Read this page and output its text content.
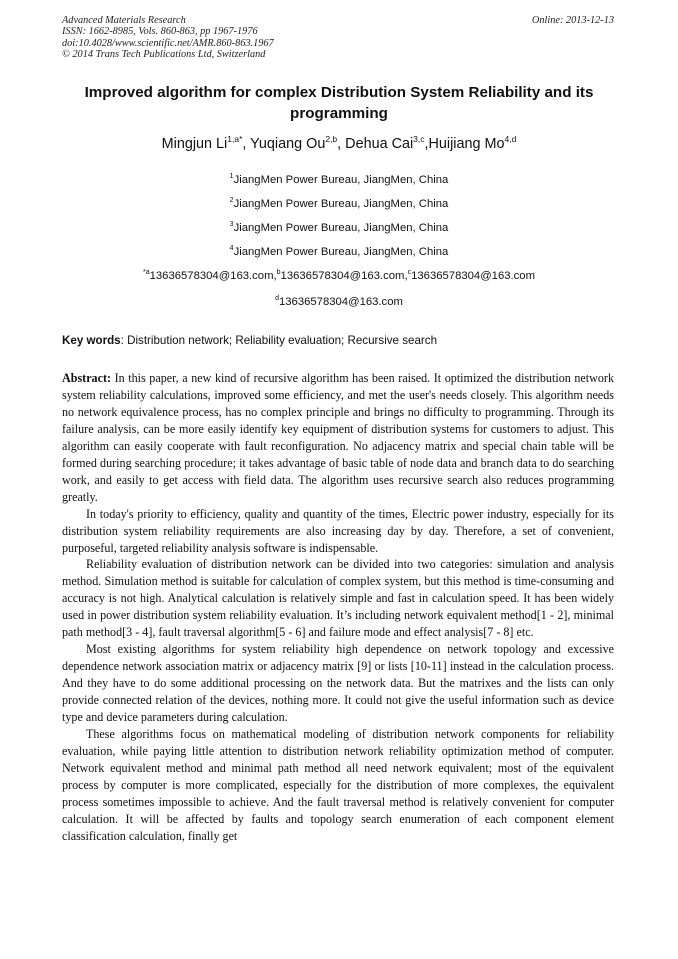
Online: 2013-12-13
Advanced Materials Research
ISSN: 1662-8985, Vols. 860-863, pp 1967-1976
doi:10.4028/www.scientific.net/AMR.860-863.1967
© 2014 Trans Tech Publications Ltd, Switzerland
Improved algorithm for complex Distribution System Reliability and its programming
Mingjun $Li^{1,a*}$, Yuqiang Ou$^{2,b}$, Dehua Cai$^{3,c}$,Huijiang Mo$^{4,d}$
$^1$JiangMen Power Bureau, JiangMen, China
$^2$JiangMen Power Bureau, JiangMen, China
$^3$JiangMen Power Bureau, JiangMen, China
$^4$JiangMen Power Bureau, JiangMen, China
$^{*a}$13636578304@163.com,$^b$13636578304@163.com,$^c$13636578304@163.com
$^d$13636578304@163.com
Key words: Distribution network; Reliability evaluation; Recursive search

Abstract: In this paper, a new kind of recursive algorithm has been raised. It optimized the distribution network system reliability calculations, improved some efficiency, and met the user's needs closely. This algorithm needs no network equivalence process, has no complex principle and brings no difficulty to programming. Through its failure analysis, can be more easily identify key equipment of distribution systems for customers to adjust. This algorithm can easily cooperate with fault reconfiguration. No adjacency matrix and special chain table will be formed during searching procedure; it takes advantage of basic table of node data and branch data to do searching work, and easily to get access with field data. The algorithm uses recursive search also reduces programming greatly.

In today's priority to efficiency, quality and quantity of the times, Electric power industry, especially for its distribution system reliability requirements are also increasing day by day. Therefore, a set of convenient, purposeful, targeted reliability analysis software is indispensable.

Reliability evaluation of distribution network can be divided into two categories: simulation and analysis method. Simulation method is suitable for calculation of complex system, but this method is time-consuming and accuracy is not high. Analytical calculation is relatively simple and fast in calculation speed. It has been widely used in power distribution system reliability evaluation. It’s including network equivalent method[1 - 2], minimal path method[3 - 4], fault traversal algorithm[5 - 6] and failure mode and effect analysis[7 - 8] etc.

Most existing algorithms for system reliability high dependence on network topology and excessive dependence network association matrix or adjacency matrix [9] or lists [10-11] instead in the calculation process. And they have to do some additional processing on the network data. But the matrixes and the lists can only provide connected relation of the devices, nothing more. It could not give the useful information such as device type and device parameters during calculation.

These algorithms focus on mathematical modeling of distribution network components for reliability evaluation, while paying little attention to distribution network reliability optimization method of computer. Network equivalent method and minimal path method all need network equivalent; most of the equivalent process by computer is more complicated, especially for the distribution of more complexes, the equivalent process sometimes impossible to achieve. And the fault traversal method is relatively convenient for computer calculation. It will be affected by faults and topology search enumeration of each component element classification calculation, finally get
